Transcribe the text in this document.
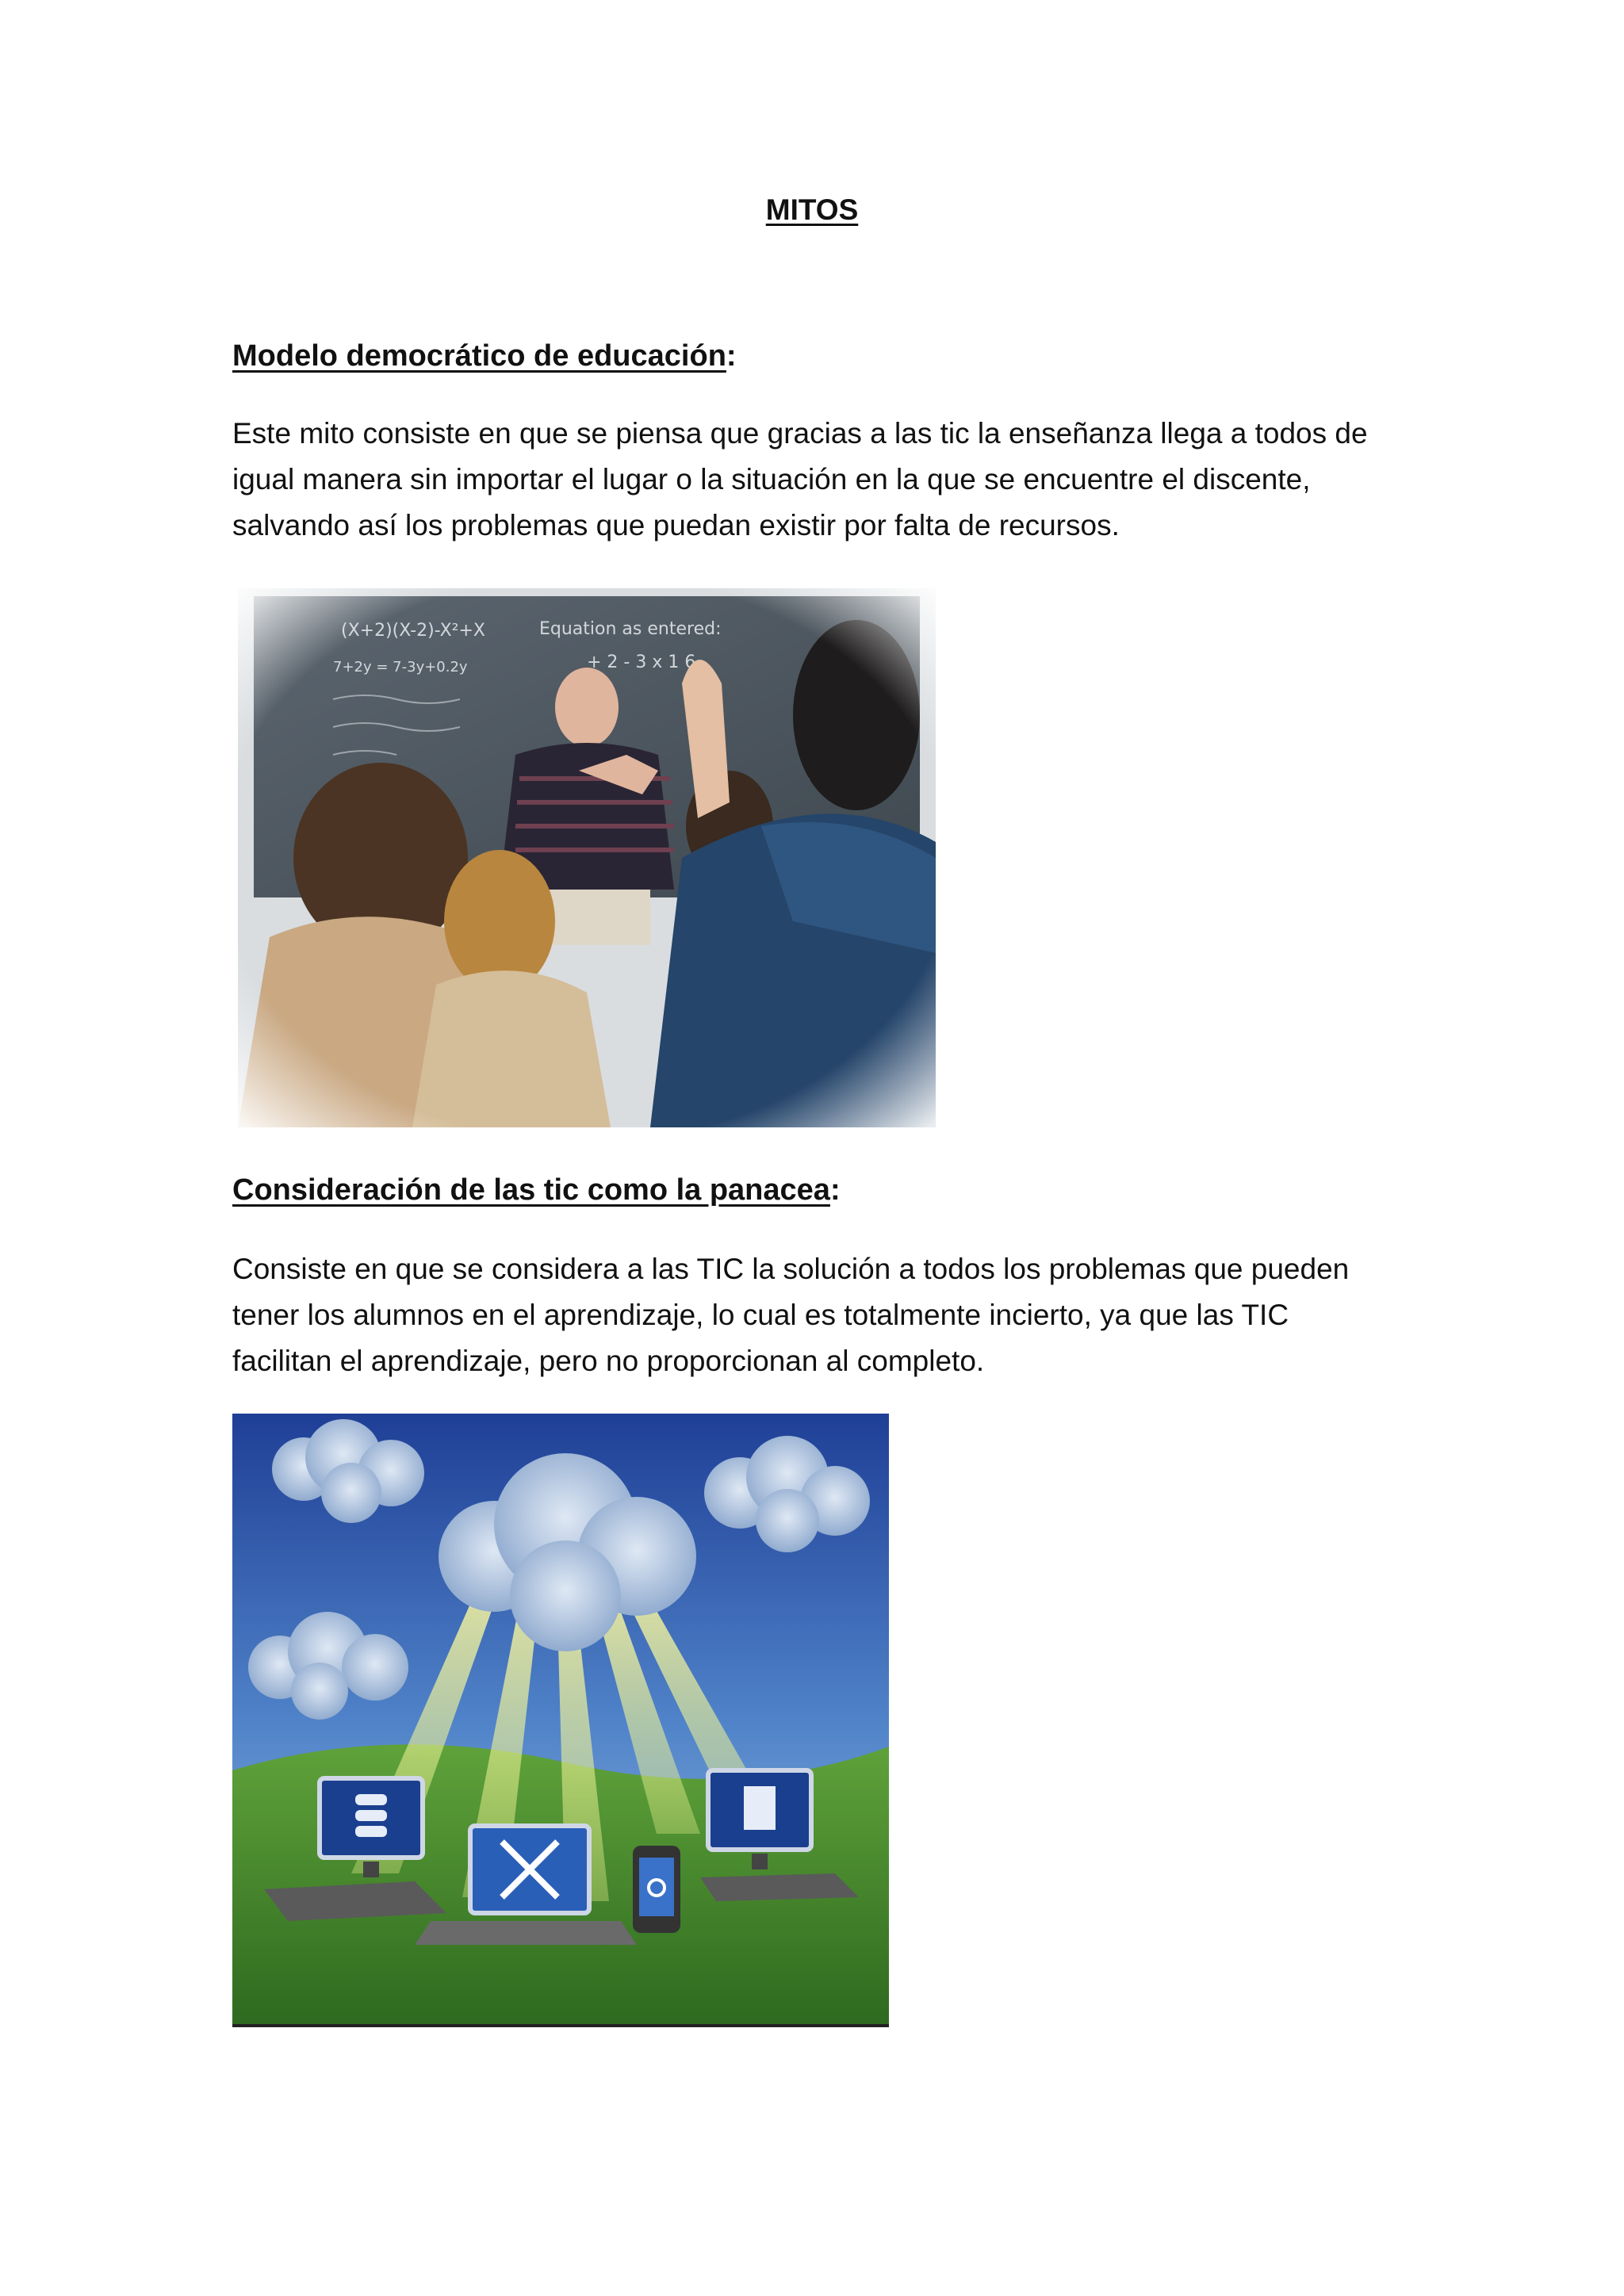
MITOS
Modelo democrático de educación:
Este mito consiste en que se piensa que gracias a las tic la enseñanza llega a todos de
igual manera sin importar el lugar o la situación en la que se encuentre el discente,
salvando así los problemas que puedan existir por falta de recursos.
Consideración de las tic como la panacea:
Consiste en que se considera a las TIC la solución a todos los problemas que pueden
tener los alumnos en el aprendizaje, lo cual es totalmente incierto, ya que las TIC
facilitan el aprendizaje, pero no proporcionan al completo.
